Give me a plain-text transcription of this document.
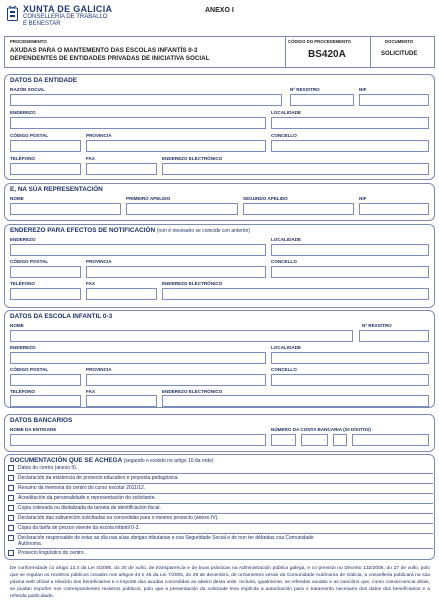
XUNTA DE GALICIA
CONSELLERÍA DE TRABALLO
E BENESTAR
ANEXO I
PROCEDEMENTO
AXUDAS PARA O MANTEMENTO DAS ESCOLAS INFANTÍS 0-3
DEPENDENTES DE ENTIDADES PRIVADAS DE INICIATIVA SOCIAL
CÓDIGO DO PROCEDEMENTO
BS420A
DOCUMENTO
SOLICITUDE
DATOS DA ENTIDADE
RAZÓN SOCIAL	Nº REXISTRO	NIF
ENDEREZO	LOCALIDADE
CÓDIGO POSTAL	PROVINCIA	CONCELLO
TELÉFONO	FAX	ENDEREZO ELECTRÓNICO
E, NA SÚA REPRESENTACIÓN
NOME	PRIMEIRO APELIDO	SEGUNDO APELIDO	NIF
ENDEREZO PARA EFECTOS DE NOTIFICACIÓN (non é necesario se coincide con anterior)
ENDEREZO	LOCALIDADE
CÓDIGO POSTAL	PROVINCIA	CONCELLO
TELÉFONO	FAX	ENDEREZO ELECTRÓNICO
DATOS DA ESCOLA INFANTIL 0-3
NOME	Nº REXISTRO
ENDEREZO	LOCALIDADE
CÓDIGO POSTAL	PROVINCIA	CONCELLO
TELÉFONO	FAX	ENDEREZO ELECTRÓNICO
DATOS BANCARIOS
NOME DA ENTIDADE	NÚMERO DA CONTA BANCARIA (20 DÍXITOS)
DOCUMENTACIÓN QUE SE ACHEGA (segundo o exixido no artigo 10 da orde)
Datos do centro (anexo II).
Declaración da existencia de proxecto educativo e proposta pedagóxica.
Resumo da memoria do centro do curso escolar 2011/12.
Acreditación da personalidade e representación do solicitante.
Copia cotexada ou dixitalizada da tarxeta de identificación fiscal.
Declaración das subvención solicitadas ou concedidas para o mesmo proxecto (anexo IV).
Copia da tarifa de prezos vixente da escola infantil 0-3.
Declaración responsable de estar ao día nas súas obrigas tributarias e coa Seguridade Social e de non ter débedas coa Comunidade
Autónoma.
Proxecto lingüístico do centro.
De conformidade co artigo 13.4 da Lei 4/2006, do 30 de xuño, de transparencia e de boas prácticas na Administración pública galega, e co previsto no Decreto 132/2006, do 27 de xullo, polo que se regulan os rexistros públicos creados nos artigos 44 e 45 da Lei 7/2005, do 29 de decembro, de orzamentos xerais da Comunidade Autónoma de Galicia, a consellería publicará na súa páxina web oficial a relación dos beneficiarios e o importe das axudas concedidas ao abeiro desta orde. Incluirá, igualmente, as referidas axudas e as sancións que, como consecuencia delas, se puidan impoñer nos correspondentes rexistros públicos, polo que a presentación da solicitude leva implícita a autorización para o tratamento necesario dos datos dos beneficiarios e a referida publicidade.
